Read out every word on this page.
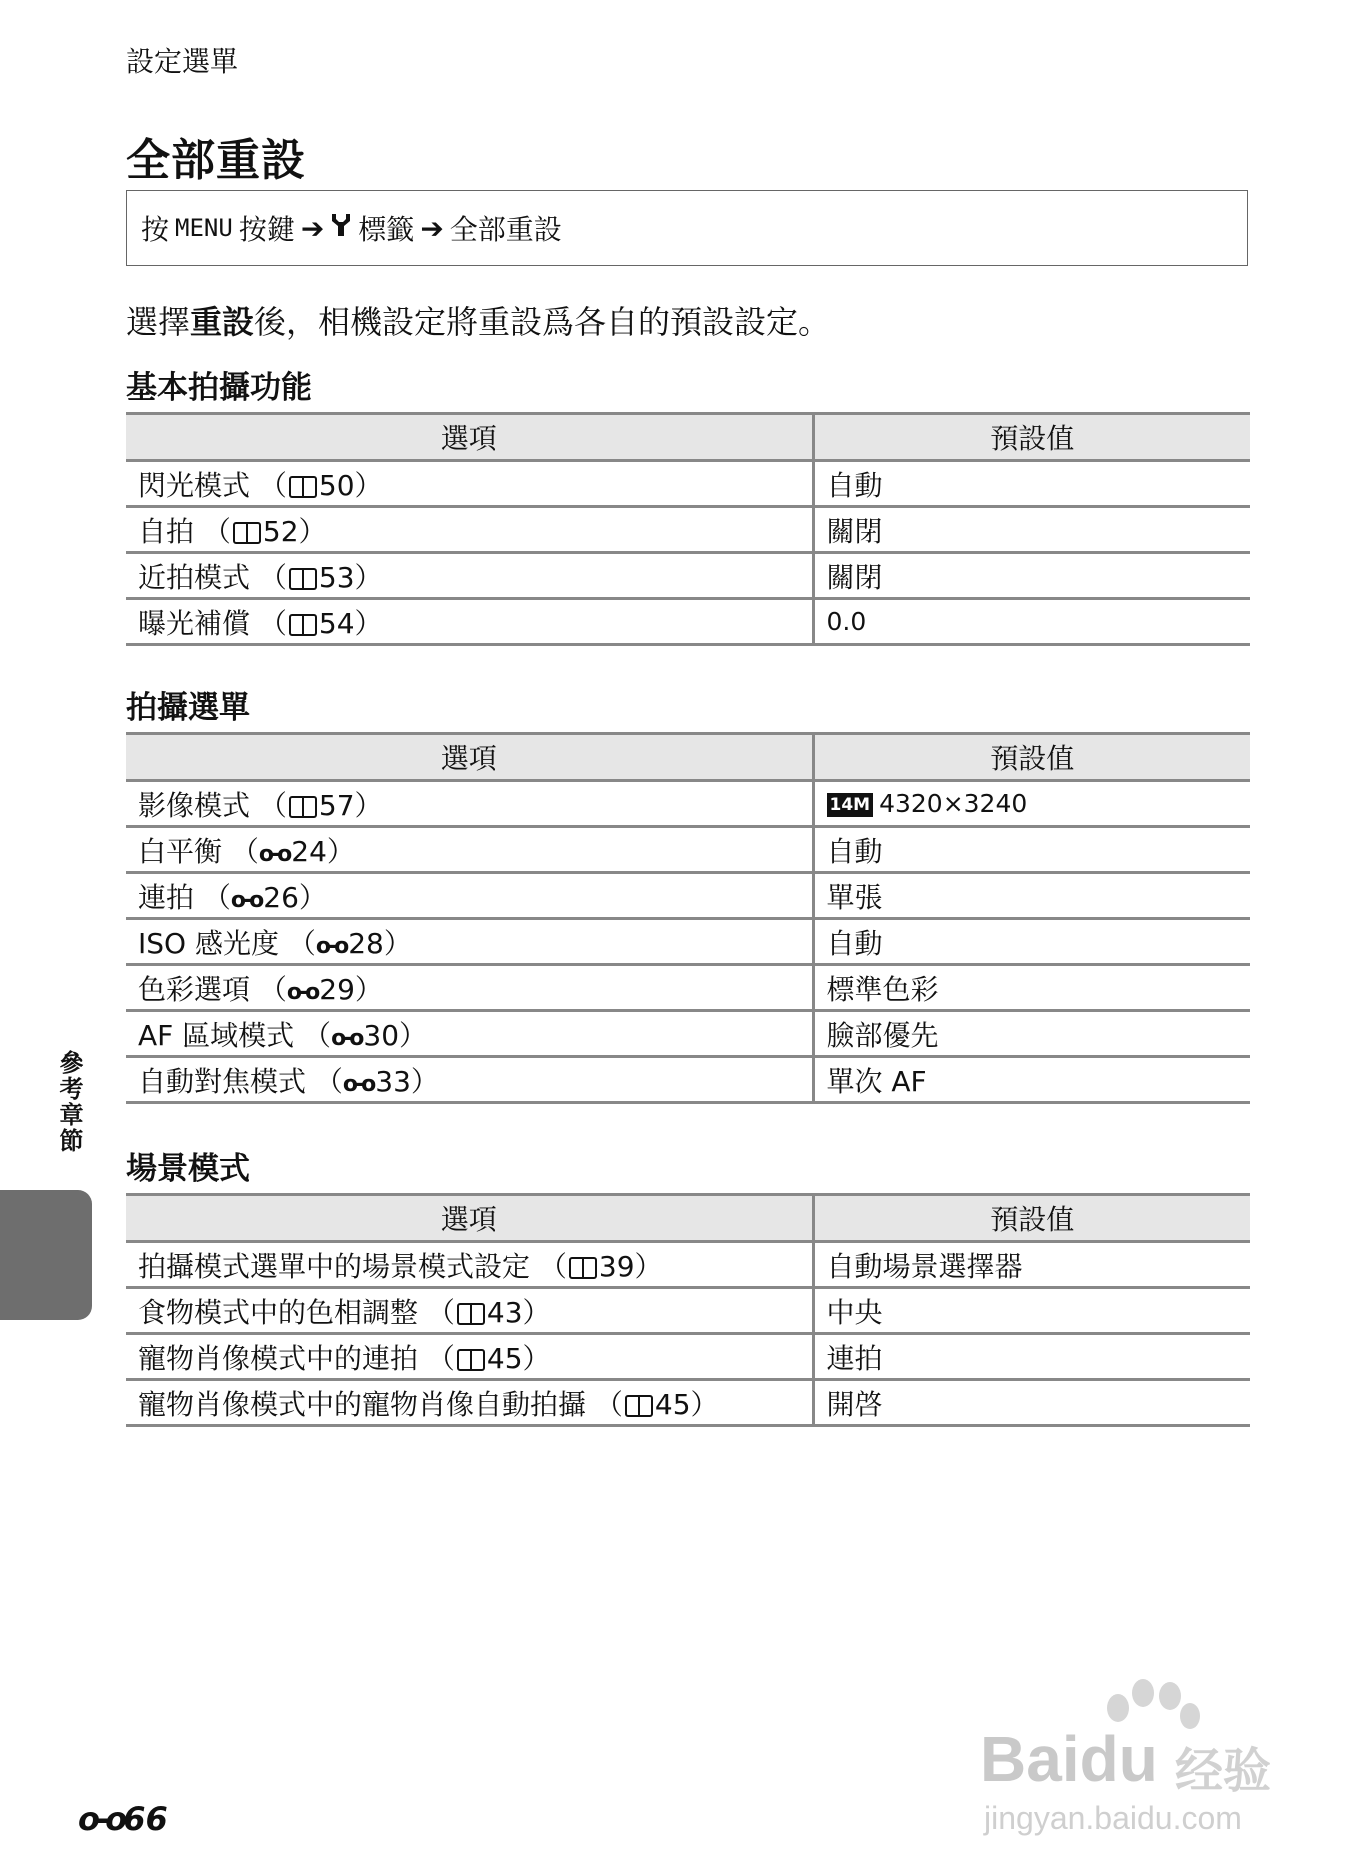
設定選單
全部重設
按 MENU 按鍵 ➔ 標籤 ➔ 全部重設
選擇重設後，相機設定將重設爲各自的預設設定。
基本拍攝功能
選項	預設值
閃光模式 （ 50）	自動
自拍 （ 52）	關閉
近拍模式 （ 53）	關閉
曝光補償 （ 54）	0.0
拍攝選單
選項	預設值
影像模式 （ 57）	14M 4320×3240
白平衡 （o-o24）	自動
連拍 （o-o26）	單張
ISO 感光度 （o-o28）	自動
色彩選項 （o-o29）	標準色彩
AF 區域模式 （o-o30）	臉部優先
自動對焦模式 （o-o33）	單次 AF
場景模式
選項	預設值
拍攝模式選單中的場景模式設定 （ 39）	自動場景選擇器
食物模式中的色相調整 （ 43）	中央
寵物肖像模式中的連拍 （ 45）	連拍
寵物肖像模式中的寵物肖像自動拍攝 （ 45）	開啓
參考章節
o-o66
Baidu 经验
jingyan.baidu.com
